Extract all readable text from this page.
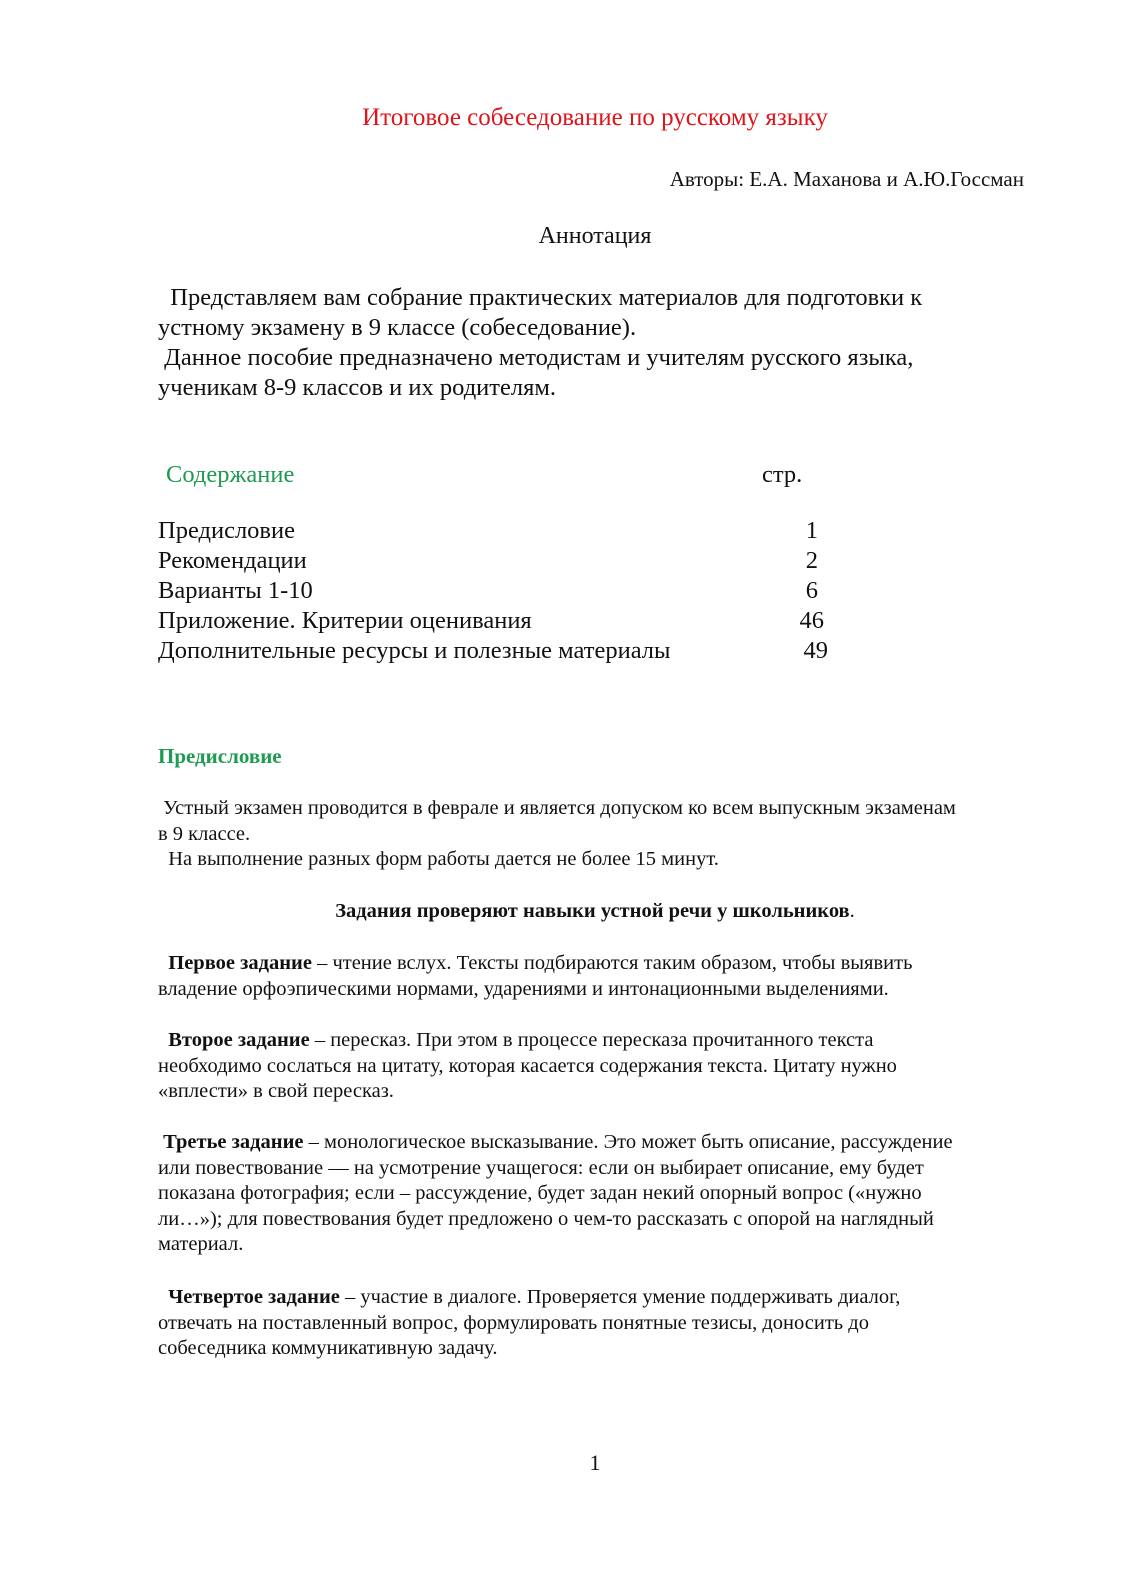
Итоговое собеседование по русскому языку
Авторы: Е.А. Маханова и А.Ю.Госсман
Аннотация

Представляем вам собрание практических материалов для подготовки к

устному экзамену в 9 классе (собеседование).

Данное пособие предназначено методистам и учителям русского языка,

ученикам 8-9 классов и их родителям.

Содержание	стр.
Предисловие	1
Рекомендации	2
Варианты 1-10	6
Приложение. Критерии оценивания	46
Дополнительные ресурсы и полезные материалы	49
Предисловие

Устный экзамен проводится в феврале и является допуском ко всем выпускным экзаменам

в 9 классе.

На выполнение разных форм работы дается не более 15 минут.

Задания проверяют навыки устной речи у школьников.

Первое задание – чтение вслух. Тексты подбираются таким образом, чтобы выявить

владение орфоэпическими нормами, ударениями и интонационными выделениями.

Второе задание – пересказ. При этом в процессе пересказа прочитанного текста

необходимо сослаться на цитату, которая касается содержания текста. Цитату нужно

«вплести» в свой пересказ.

Третье задание – монологическое высказывание. Это может быть описание, рассуждение

или повествование — на усмотрение учащегося: если он выбирает описание, ему будет

показана фотография; если – рассуждение, будет задан некий опорный вопрос («нужно

ли…»); для повествования будет предложено о чем-то рассказать с опорой на наглядный

материал.

Четвертое задание – участие в диалоге. Проверяется умение поддерживать диалог,

отвечать на поставленный вопрос, формулировать понятные тезисы, доносить до

собеседника коммуникативную задачу.

1
